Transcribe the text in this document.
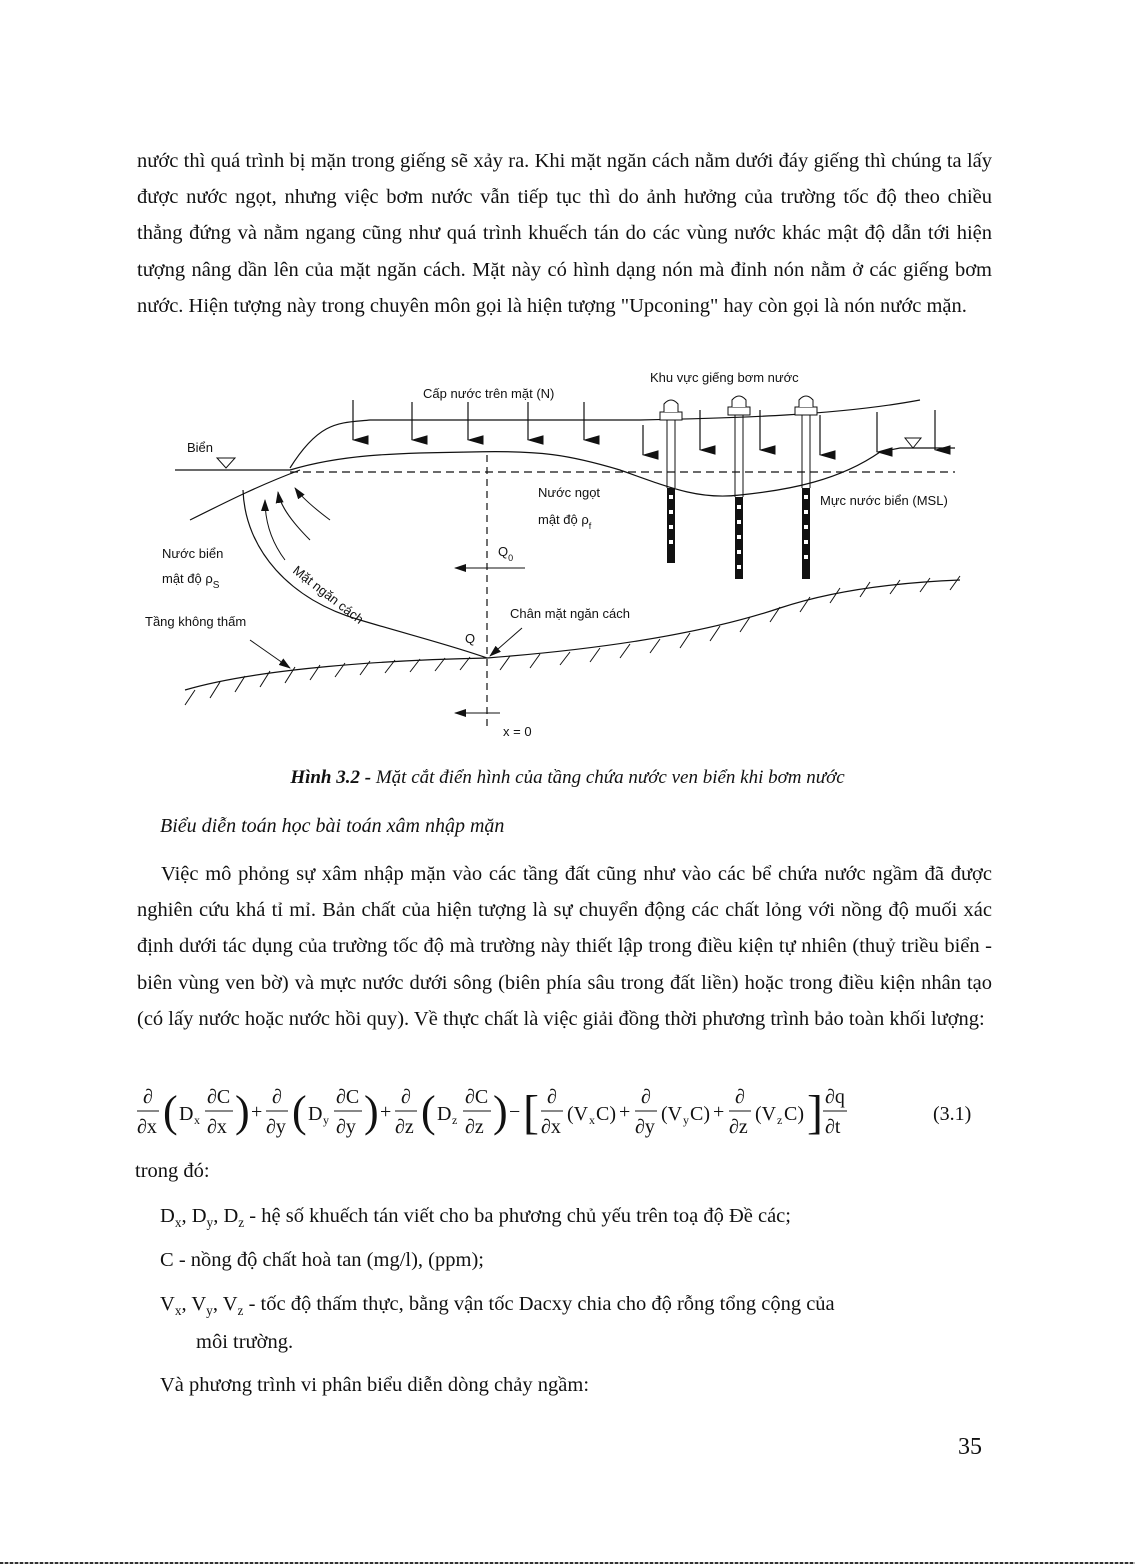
nước thì quá trình bị mặn trong giếng sẽ xảy ra. Khi mặt ngăn cách nằm dưới đáy giếng thì chúng ta lấy được nước ngọt, nhưng việc bơm nước vẫn tiếp tục thì do ảnh hưởng của trường tốc độ theo chiều thẳng đứng và nằm ngang cũng như quá trình khuếch tán do các vùng nước khác mật độ dẫn tới hiện tượng nâng dần lên của mặt ngăn cách. Mặt này có hình dạng nón mà đỉnh nón nằm ở các giếng bơm nước. Hiện tượng này trong chuyên môn gọi là hiện tượng "Upconing" hay còn gọi là nón nước mặn.
Cấp nước trên mặt (N)
Khu vực giếng bơm nước
Biển
Nước ngọt
mật độ $\rho_f$
Mực nước biển (MSL)
Nước biển
mật độ $\rho_S$	Mặt ngăn cách
Tầng không thấm
Chân mặt ngăn cách
$Q_0$
Q
x = 0
Hình 3.2 - Mặt cắt điển hình của tầng chứa nước ven biển khi bơm nước
Biểu diễn toán học bài toán xâm nhập mặn
Việc mô phỏng sự xâm nhập mặn vào các tầng đất cũng như vào các bể chứa nước ngầm đã được nghiên cứu khá tỉ mỉ. Bản chất của hiện tượng là sự chuyển động các chất lỏng với nồng độ muối xác định dưới tác dụng của trường tốc độ mà trường này thiết lập trong điều kiện tự nhiên (thuỷ triều biển - biên vùng ven bờ) và mực nước dưới sông (biên phía sâu trong đất liền) hoặc trong điều kiện nhân tạo (có lấy nước hoặc nước hồi quy). Về thực chất là việc giải đồng thời phương trình bảo toàn khối lượng:
∂
∂x ( D x
∂C
∂x ) +
∂
∂y ( D y
∂C
∂y ) +
∂
∂z ( D z
∂C
∂z ) − [ ∂
∂x
(V x C) +
∂
∂y
(V y C) +
∂
∂z
(V z C) ] ∂q
∂t
(3.1)
trong đó:
$D_x$, $D_y$, $D_z$ - hệ số khuếch tán viết cho ba phương chủ yếu trên toạ độ Đề các;
C - nồng độ chất hoà tan (mg/l), (ppm);
$V_x$, $V_y$, $V_z$ - tốc độ thấm thực, bằng vận tốc Dacxy chia cho độ rỗng tổng cộng của
môi trường.
Và phương trình vi phân biểu diễn dòng chảy ngầm:
35
